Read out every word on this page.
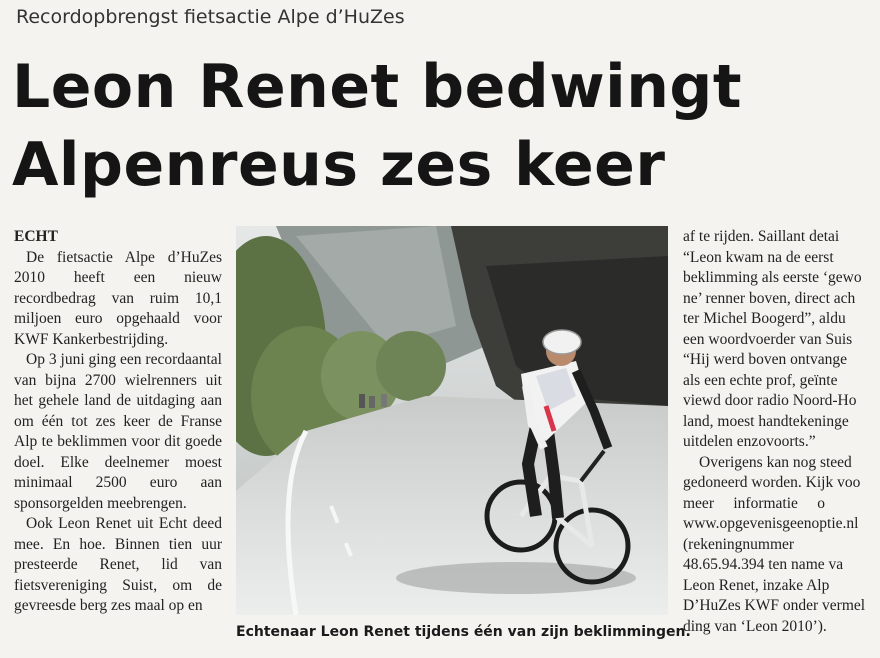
Recordopbrengst fietsactie Alpe d’HuZes
Leon Renet bedwingt
Alpenreus zes keer

ECHT

De fietsactie Alpe d’HuZes 2010 heeft een nieuw recordbedrag van ruim 10,1 miljoen euro opgehaald voor KWF Kankerbestrijding.

Op 3 juni ging een recordaantal van bijna 2700 wielrenners uit het gehele land de uitdaging aan om één tot zes keer de Franse Alp te beklimmen voor dit goede doel. Elke deelnemer moest minimaal 2500 euro aan sponsorgelden meebrengen.

Ook Leon Renet uit Echt deed mee. En hoe. Binnen tien uur presteerde Renet, lid van fietsvereniging Suist, om de gevreesde berg zes maal op en

Echtenaar Leon Renet tijdens één van zijn beklimmingen.

af te rijden. Saillant detai

“Leon kwam na de eerst

beklimming als eerste ‘gewo

ne’ renner boven, direct ach

ter Michel Boogerd”, aldu

een woordvoerder van Suis

“Hij werd boven ontvange

als een echte prof, geïnte

viewd door radio Noord-Ho

land, moest handtekeninge

uitdelen enzovoorts.”

Overigens kan nog steed

gedoneerd worden. Kijk voo

meer     informatie     o

www.opgevenisgeenoptie.nl

(rekeningnummer

48.65.94.394 ten name va

Leon Renet, inzake Alp

D’HuZes KWF onder vermel

ding van ‘Leon 2010’).
